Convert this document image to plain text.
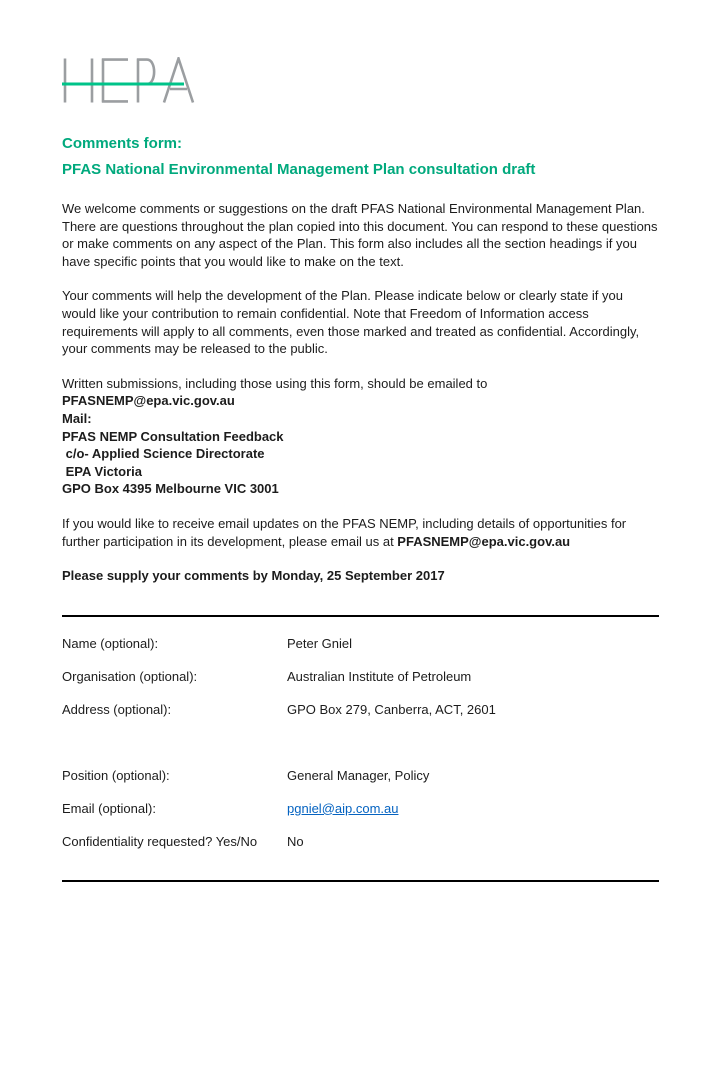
Comments form:
PFAS National Environmental Management Plan consultation draft

We welcome comments or suggestions on the draft PFAS National Environmental Management Plan. There are questions throughout the plan copied into this document. You can respond to these questions or make comments on any aspect of the Plan. This form also includes all the section headings if you have specific points that you would like to make on the text.

Your comments will help the development of the Plan. Please indicate below or clearly state if you would like your contribution to remain confidential. Note that Freedom of Information access requirements will apply to all comments, even those marked and treated as confidential. Accordingly, your comments may be released to the public.

Written submissions, including those using this form, should be emailed to PFASNEMP@epa.vic.gov.au
Mail:
PFAS NEMP Consultation Feedback
c/o- Applied Science Directorate
EPA Victoria
GPO Box 4395 Melbourne VIC 3001

If you would like to receive email updates on the PFAS NEMP, including details of opportunities for further participation in its development, please email us at PFASNEMP@epa.vic.gov.au

Please supply your comments by Monday, 25 September 2017

Name (optional):	Peter Gniel
Organisation (optional):	Australian Institute of Petroleum
Address (optional):	GPO Box 279, Canberra, ACT, 2601
Position (optional):	General Manager, Policy
Email (optional):	pgniel@aip.com.au
Confidentiality requested? Yes/No	No
